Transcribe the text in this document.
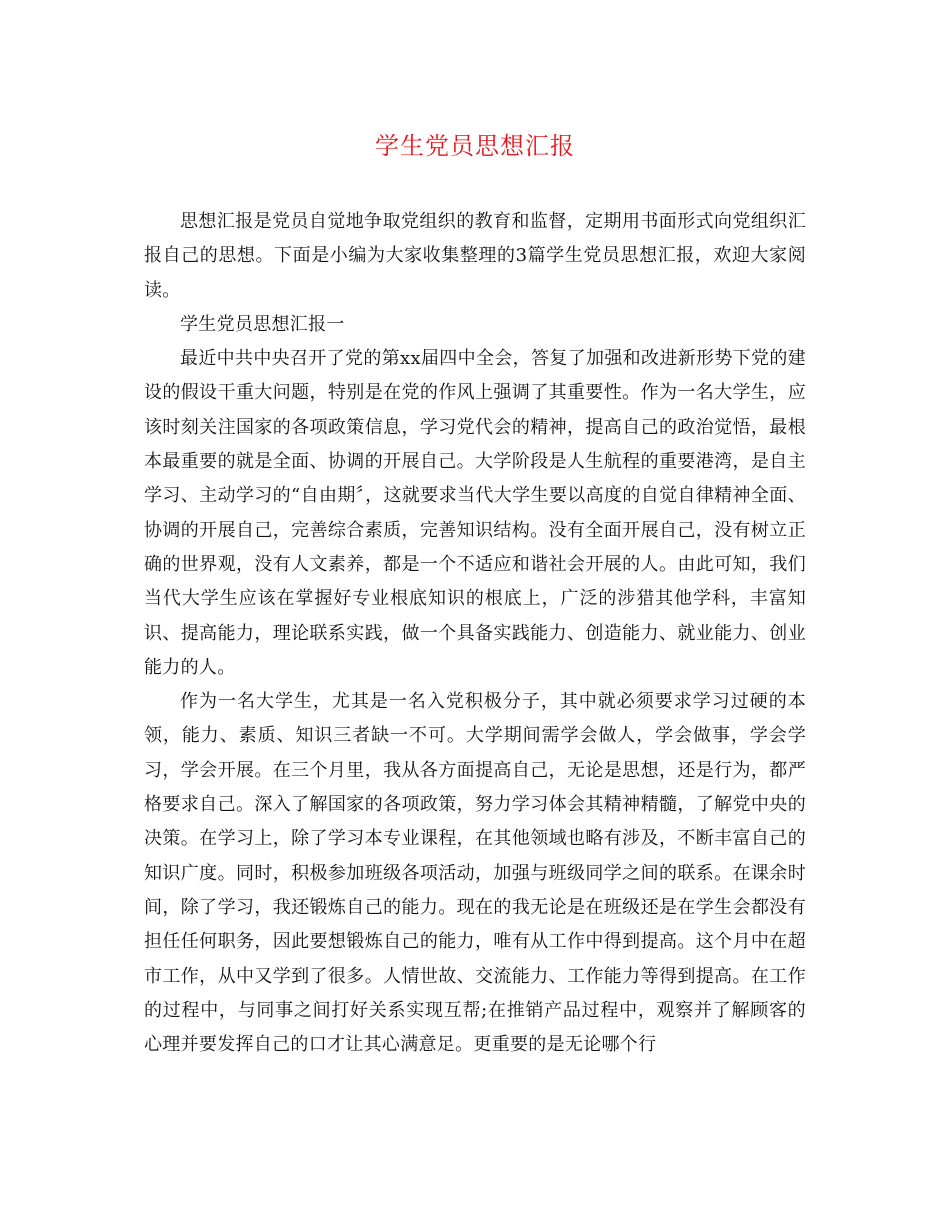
学生党员思想汇报

思想汇报是党员自觉地争取党组织的教育和监督，定期用书面形式向党组织汇报自己的思想。下面是小编为大家收集整理的3篇学生党员思想汇报，欢迎大家阅读。

学生党员思想汇报一

最近中共中央召开了党的第xx届四中全会，答复了加强和改进新形势下党的建设的假设干重大问题，特别是在党的作风上强调了其重要性。作为一名大学生，应该时刻关注国家的各项政策信息，学习党代会的精神，提高自己的政治觉悟，最根本最重要的就是全面、协调的开展自己。大学阶段是人生航程的重要港湾，是自主学习、主动学习的“自由期〞，这就要求当代大学生要以高度的自觉自律精神全面、协调的开展自己，完善综合素质，完善知识结构。没有全面开展自己，没有树立正确的世界观，没有人文素养，都是一个不适应和谐社会开展的人。由此可知，我们当代大学生应该在掌握好专业根底知识的根底上，广泛的涉猎其他学科，丰富知识、提高能力，理论联系实践，做一个具备实践能力、创造能力、就业能力、创业能力的人。

作为一名大学生，尤其是一名入党积极分子，其中就必须要求学习过硬的本领，能力、素质、知识三者缺一不可。大学期间需学会做人，学会做事，学会学习，学会开展。在三个月里，我从各方面提高自己，无论是思想，还是行为，都严格要求自己。深入了解国家的各项政策，努力学习体会其精神精髓，了解党中央的决策。在学习上，除了学习本专业课程，在其他领域也略有涉及，不断丰富自己的知识广度。同时，积极参加班级各项活动，加强与班级同学之间的联系。在课余时间，除了学习，我还锻炼自己的能力。现在的我无论是在班级还是在学生会都没有担任任何职务，因此要想锻炼自己的能力，唯有从工作中得到提高。这个月中在超市工作，从中又学到了很多。人情世故、交流能力、工作能力等得到提高。在工作的过程中，与同事之间打好关系实现互帮;在推销产品过程中，观察并了解顾客的心理并要发挥自己的口才让其心满意足。更重要的是无论哪个行
